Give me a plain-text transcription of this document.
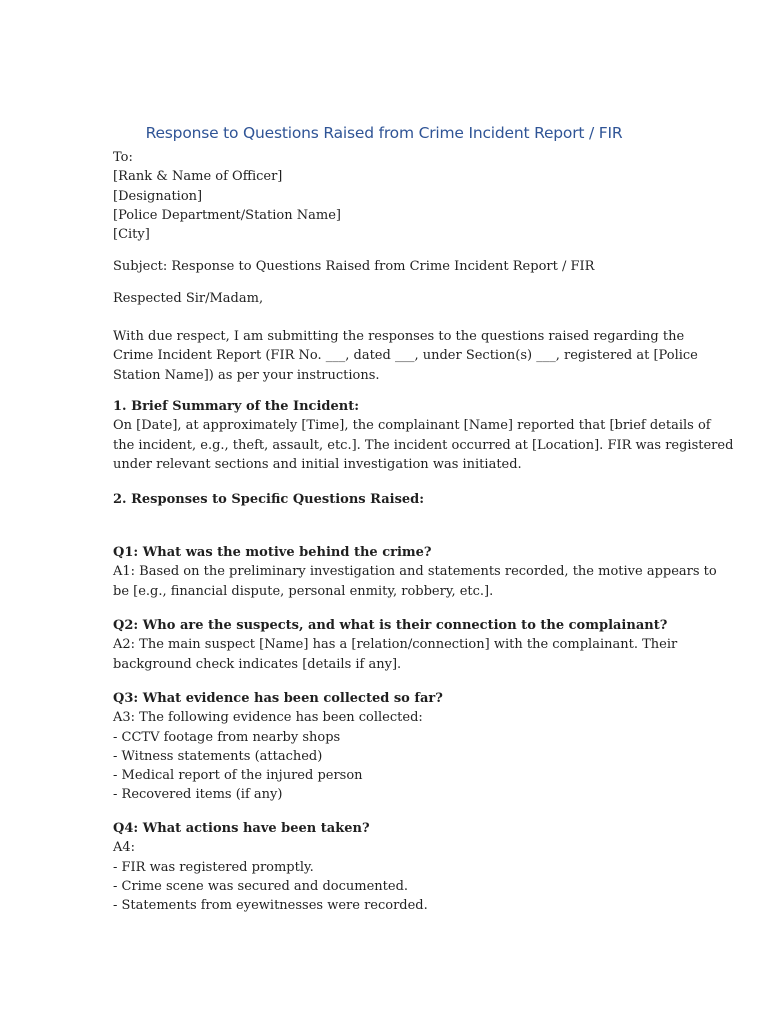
Response to Questions Raised from Crime Incident Report / FIR
To:
[Rank & Name of Officer]
[Designation]
[Police Department/Station Name]
[City]
Subject: Response to Questions Raised from Crime Incident Report / FIR
Respected Sir/Madam,
With due respect, I am submitting the responses to the questions raised regarding the
Crime Incident Report (FIR No. ___, dated ___, under Section(s) ___, registered at [Police
Station Name]) as per your instructions.
1. Brief Summary of the Incident:
On [Date], at approximately [Time], the complainant [Name] reported that [brief details of
the incident, e.g., theft, assault, etc.]. The incident occurred at [Location]. FIR was registered
under relevant sections and initial investigation was initiated.
2. Responses to Specific Questions Raised:
Q1: What was the motive behind the crime?
A1: Based on the preliminary investigation and statements recorded, the motive appears to
be [e.g., financial dispute, personal enmity, robbery, etc.].
Q2: Who are the suspects, and what is their connection to the complainant?
A2: The main suspect [Name] has a [relation/connection] with the complainant. Their
background check indicates [details if any].
Q3: What evidence has been collected so far?
A3: The following evidence has been collected:
- CCTV footage from nearby shops
- Witness statements (attached)
- Medical report of the injured person
- Recovered items (if any)
Q4: What actions have been taken?
A4:
- FIR was registered promptly.
- Crime scene was secured and documented.
- Statements from eyewitnesses were recorded.
